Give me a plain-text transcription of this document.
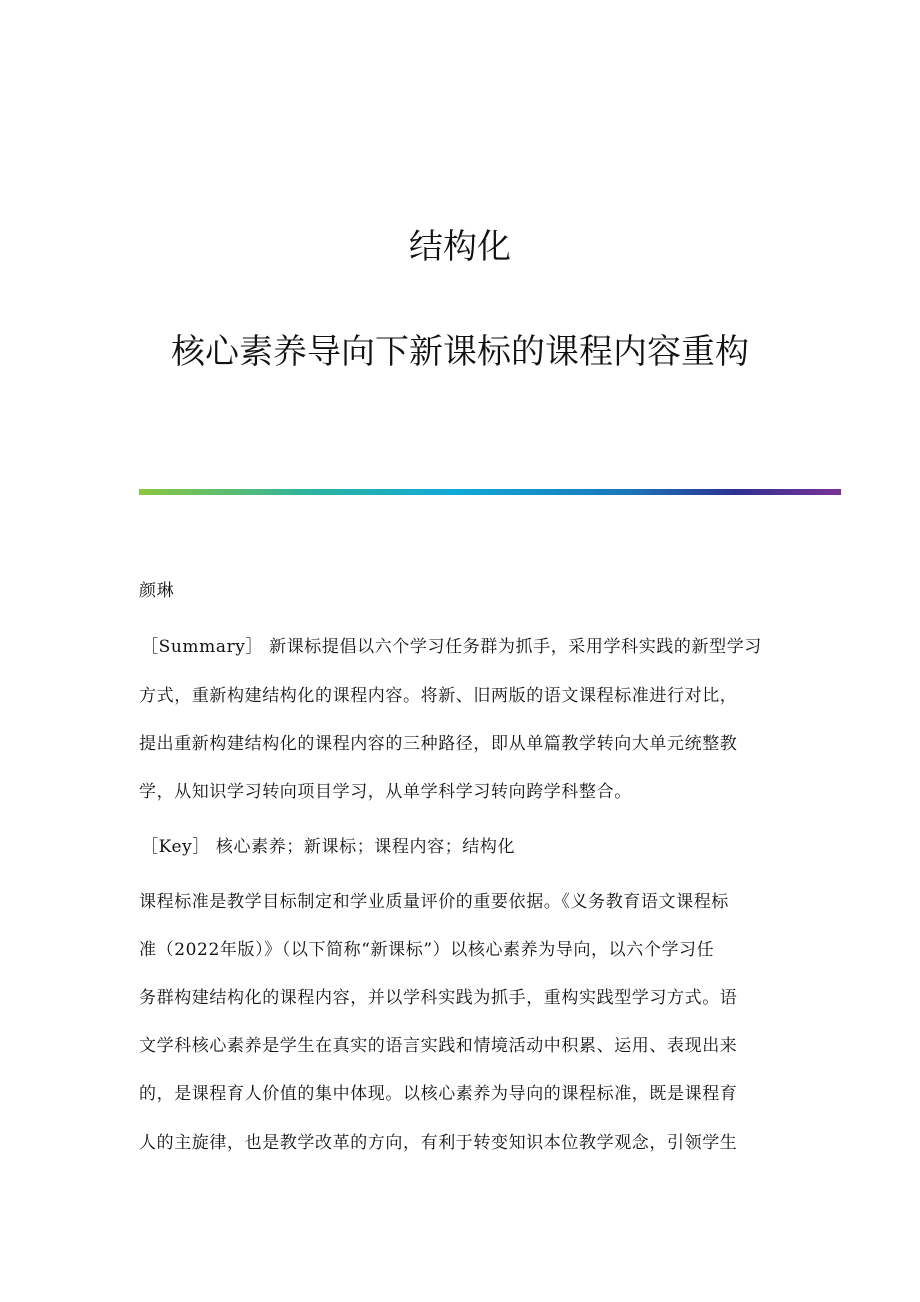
结构化
核心素养导向下新课标的课程内容重构
颜琳
［Summary］ 新课标提倡以六个学习任务群为抓手，采用学科实践的新型学习
方式，重新构建结构化的课程内容。将新、旧两版的语文课程标准进行对比，
提出重新构建结构化的课程内容的三种路径，即从单篇教学转向大单元统整教
学，从知识学习转向项目学习，从单学科学习转向跨学科整合。
［Key］ 核心素养；新课标；课程内容；结构化
课程标准是教学目标制定和学业质量评价的重要依据。《义务教育语文课程标
准（2022年版）》（以下简称“新课标”）以核心素养为导向，以六个学习任
务群构建结构化的课程内容，并以学科实践为抓手，重构实践型学习方式。语
文学科核心素养是学生在真实的语言实践和情境活动中积累、运用、表现出来
的，是课程育人价值的集中体现。以核心素养为导向的课程标准，既是课程育
人的主旋律，也是教学改革的方向，有利于转变知识本位教学观念，引领学生
